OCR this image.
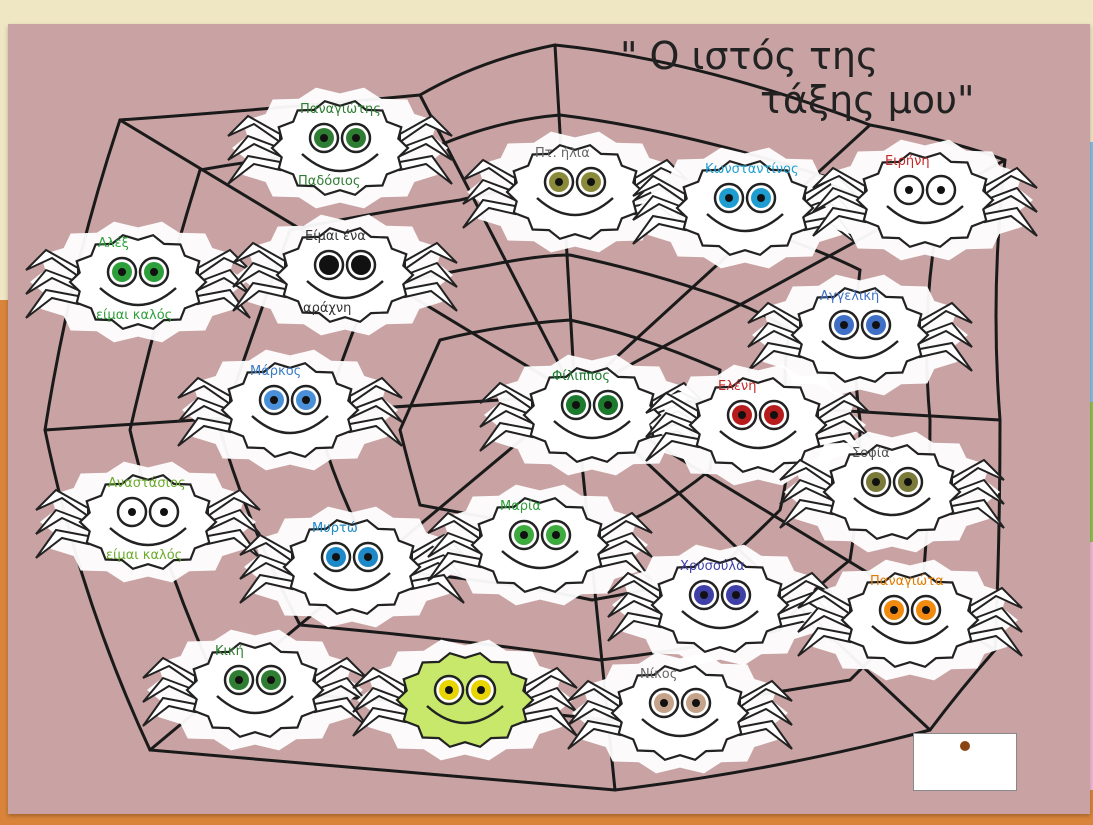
" Ο ιστός της
τάξης μου"
Παναγιώτης
Παδόσιος
Πτ. ήλια
Κωνσταντίνος
Ειρήνη
Αλέξ
είμαι καλός
Είμαι ένα
αράχνη
Αγγελική
Μάρκος	Φίλιππος
Ελένη
Σοφία
Αναστάσιος
είμαι καλός
Μυρτώ
Μαρία
Χρυσούλα
Παναγιώτα
Κική
Νίκος
